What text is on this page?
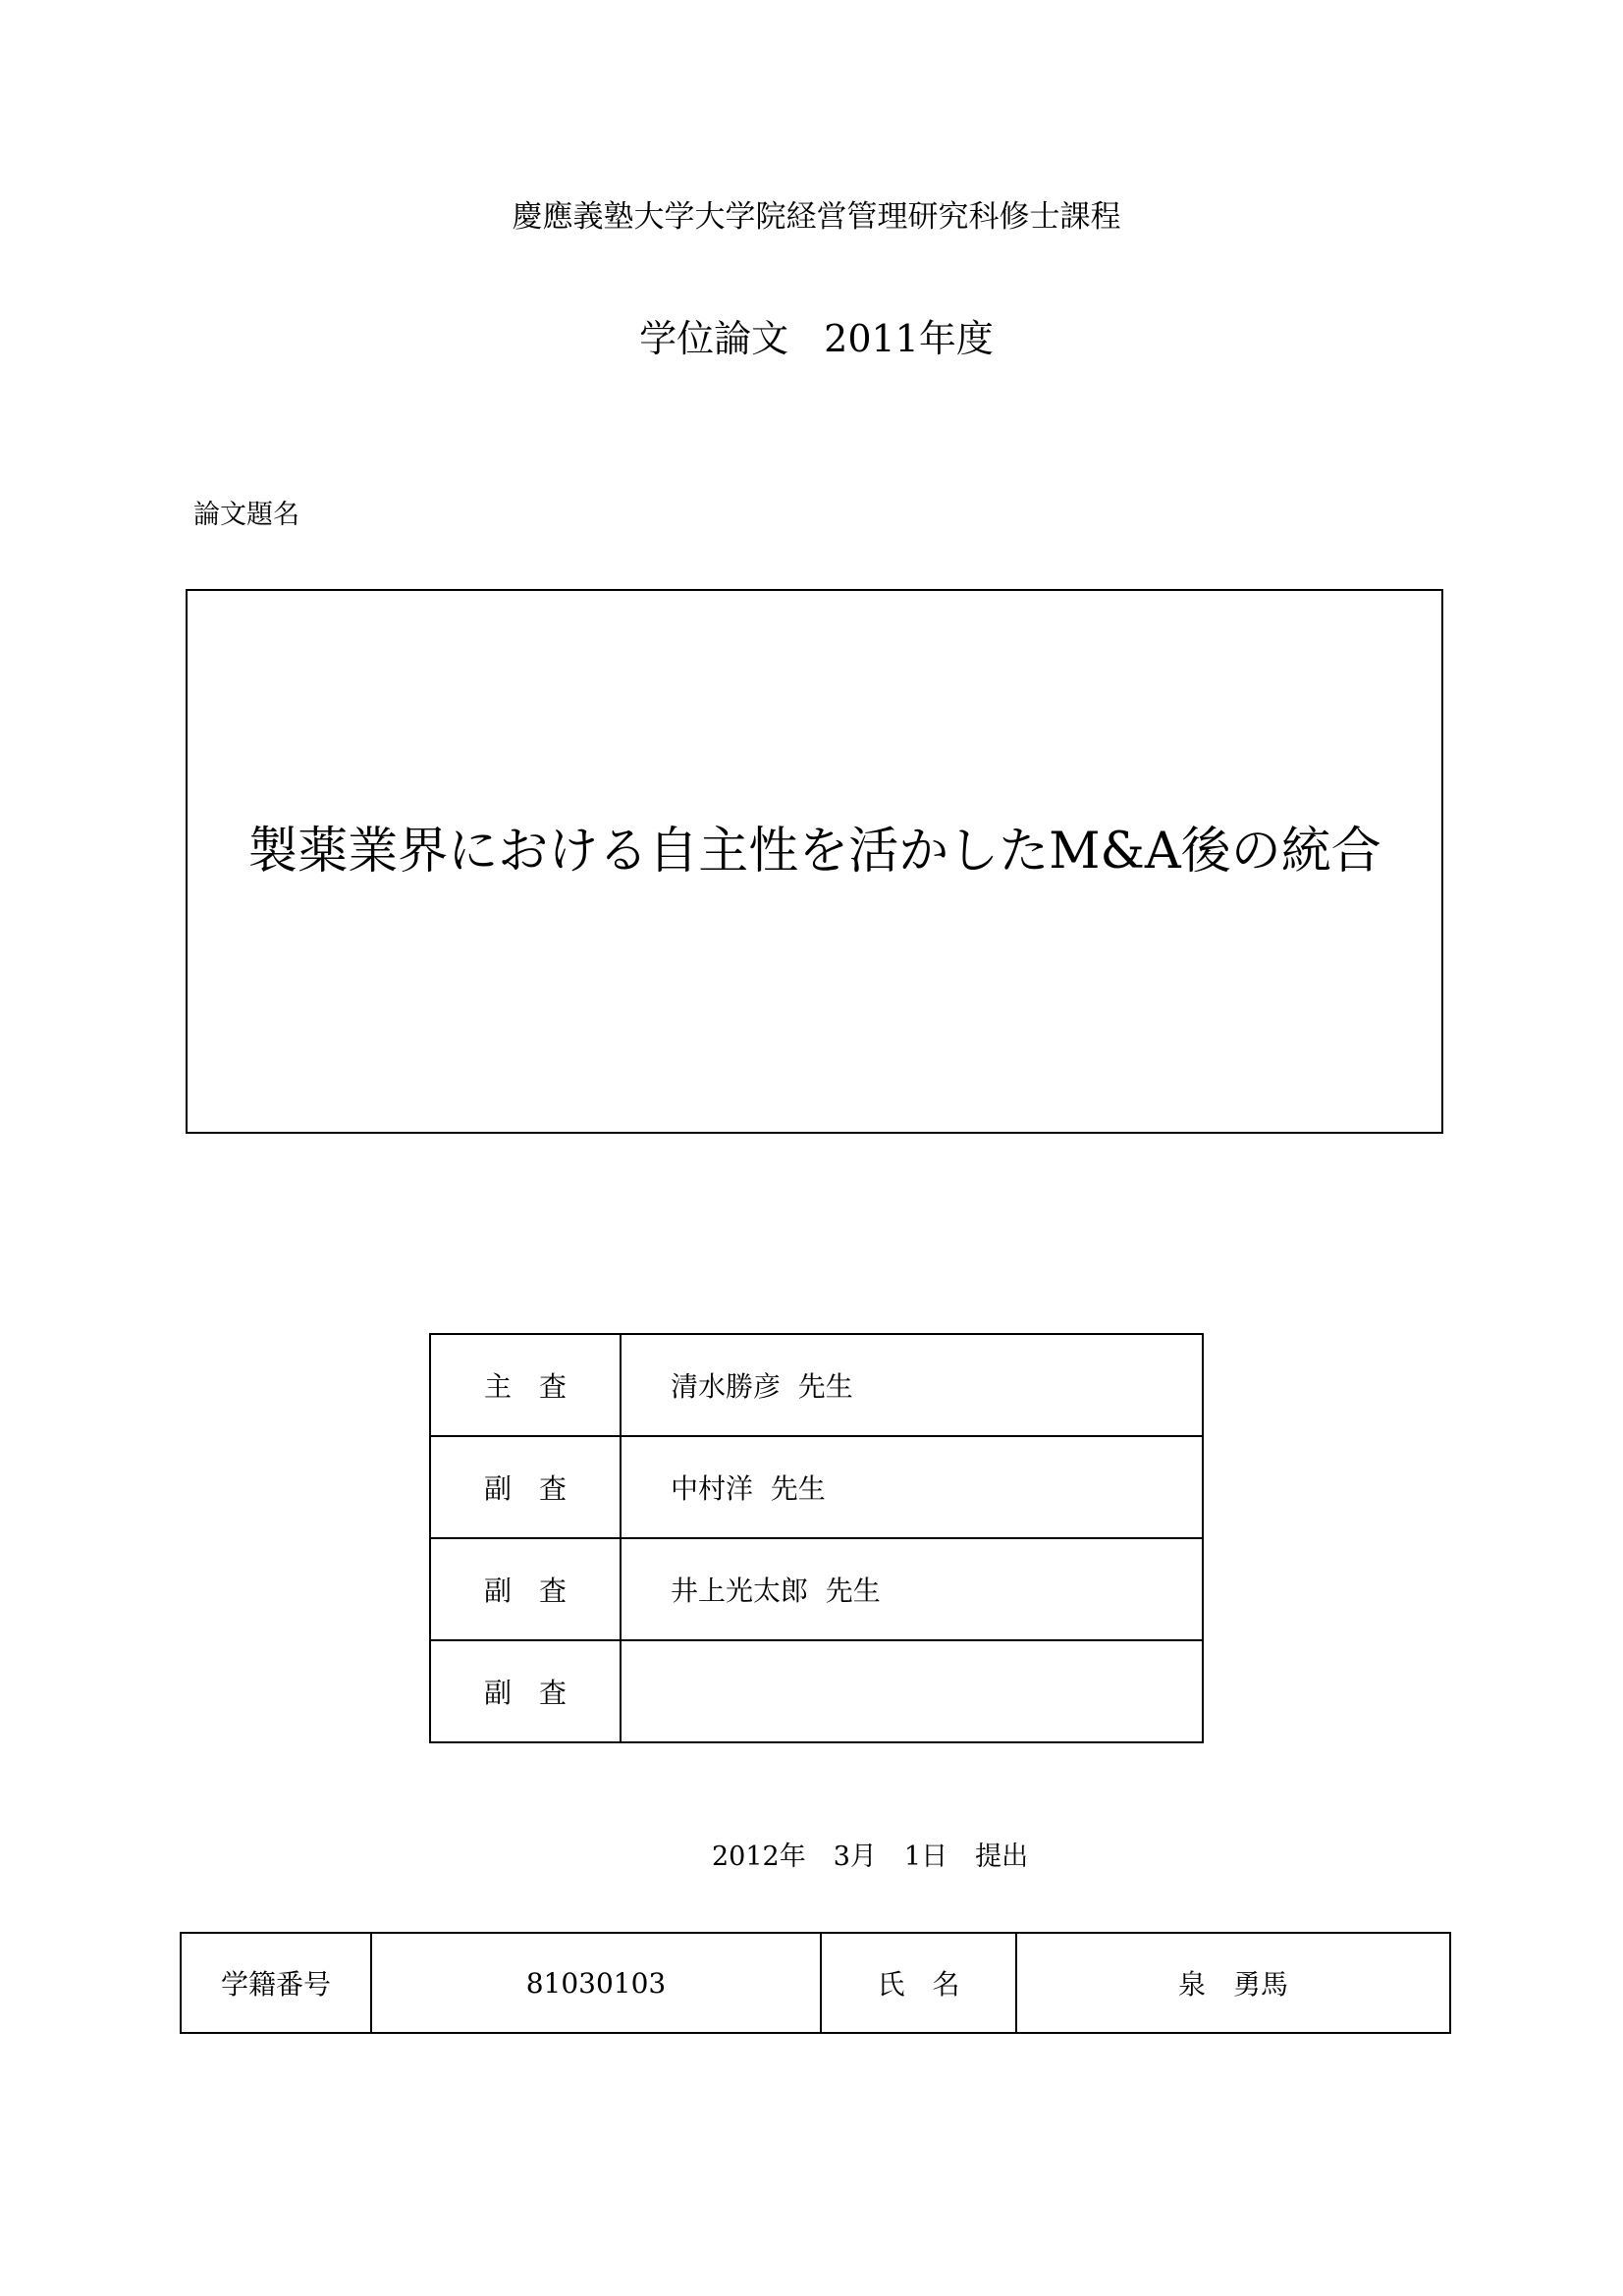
慶應義塾大学大学院経営管理研究科修士課程
学位論文 2011年度
論文題名
製薬業界における自主性を活かしたM&A後の統合
主　査	清水勝彦  先生
副　査	中村洋  先生
副　査	井上光太郎  先生
副　査	
2012年 3月 1日 提出
学籍番号	81030103	氏　名	泉　勇馬
